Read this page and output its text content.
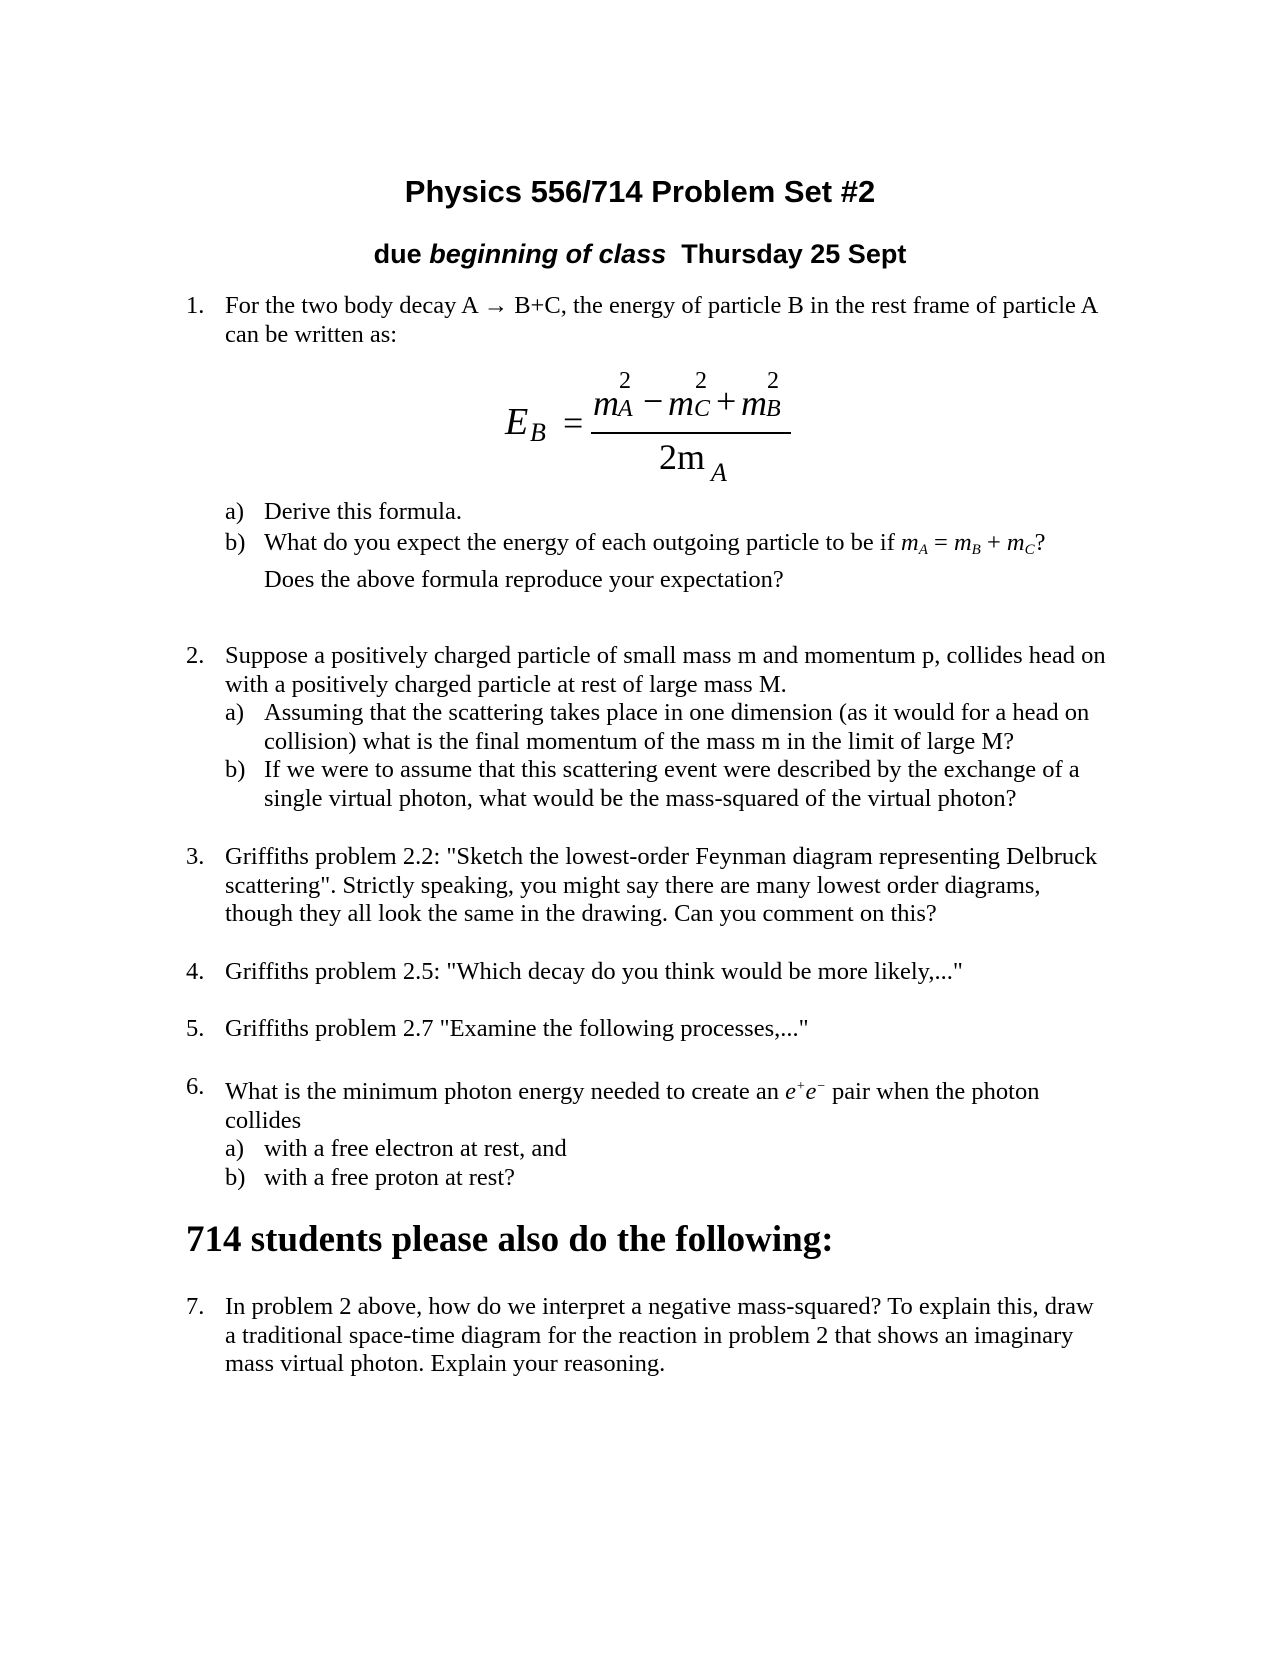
Physics 556/714 Problem Set #2
due beginning of class Thursday 25 Sept
1. For the two body decay A → B+C, the energy of particle B in the rest frame of particle A can be written as:
E B = m
2
A − m
2
C + m
2
B
2m A
a) Derive this formula.
b) What do you expect the energy of each outgoing particle to be if mA = mB + mC?
Does the above formula reproduce your expectation?
2. Suppose a positively charged particle of small mass m and momentum p, collides head on with a positively charged particle at rest of large mass M.
a) Assuming that the scattering takes place in one dimension (as it would for a head on collision) what is the final momentum of the mass m in the limit of large M?
b) If we were to assume that this scattering event were described by the exchange of a single virtual photon, what would be the mass-squared of the virtual photon?
3. Griffiths problem 2.2: "Sketch the lowest-order Feynman diagram representing Delbruck scattering". Strictly speaking, you might say there are many lowest order diagrams, though they all look the same in the drawing. Can you comment on this?
4. Griffiths problem 2.5: "Which decay do you think would be more likely,..."
5. Griffiths problem 2.7 "Examine the following processes,..."
6. What is the minimum photon energy needed to create an e+e− pair when the photon collides
a) with a free electron at rest, and
b) with a free proton at rest?
714 students please also do the following:
7. In problem 2 above, how do we interpret a negative mass-squared? To explain this, draw a traditional space-time diagram for the reaction in problem 2 that shows an imaginary mass virtual photon. Explain your reasoning.
